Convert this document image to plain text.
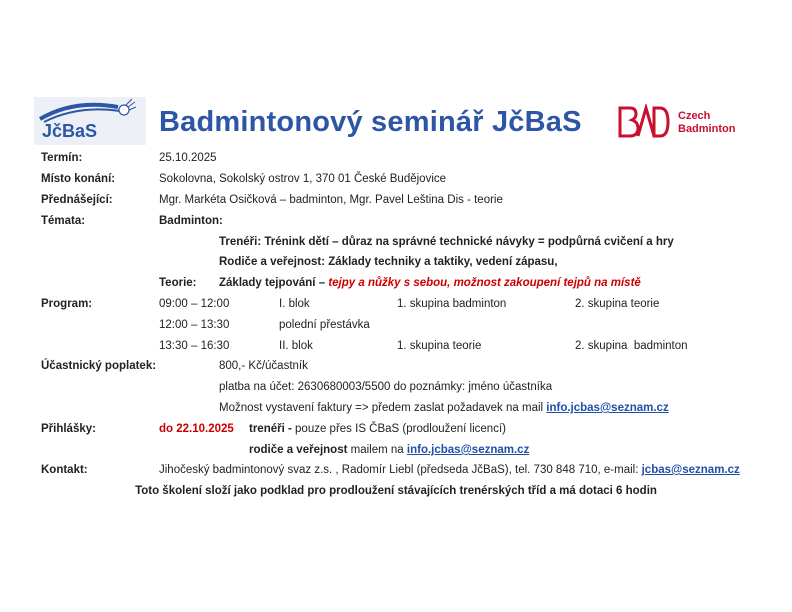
JčBaS Badmintonový seminář JčBaS	Czech
Badminton
Termín:	25.10.2025
Místo konání:	Sokolovna, Sokolský ostrov 1, 370 01 České Budějovice
Přednášející:	Mgr. Markéta Osičková – badminton, Mgr. Pavel Leština Dis - teorie
Témata:	Badminton:
Trenéři: Trénink dětí – důraz na správné technické návyky = podpůrná cvičení a hry
Rodiče a veřejnost: Základy techniky a taktiky, vedení zápasu,
Teorie: Základy tejpování – tejpy a nůžky s sebou, možnost zakoupení tejpů na místě
Program:	09:00 – 12:00	I. blok	1. skupina badminton	2. skupina teorie
12:00 – 13:30	polední přestávka
13:30 – 16:30	II. blok	1. skupina teorie	2. skupina  badminton
Účastnický poplatek:	800,- Kč/účastník
platba na účet: 2630680003/5500 do poznámky: jméno účastníka
Možnost vystavení faktury => předem zaslat požadavek na mail info.jcbas@seznam.cz
Přihlášky:	do 22.10.2025 trenéři - pouze přes IS ČBaS (prodloužení licencí)
rodiče a veřejnost mailem na info.jcbas@seznam.cz
Kontakt:	Jihočeský badmintonový svaz z.s. , Radomír Liebl (předseda JčBaS), tel. 730 848 710, e-mail: jcbas@seznam.cz
Toto školení složí jako podklad pro prodloužení stávajících trenérských tříd a má dotaci 6 hodin
